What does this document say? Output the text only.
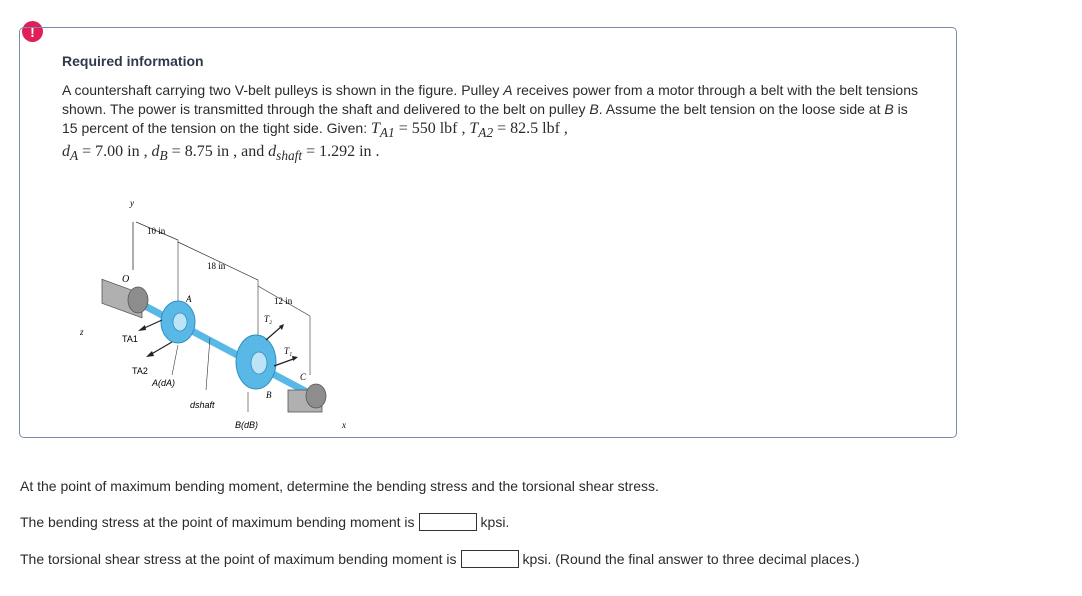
!
Required information
A countershaft carrying two V-belt pulleys is shown in the figure. Pulley A receives power from a motor through a belt with the belt tensions shown. The power is transmitted through the shaft and delivered to the belt on pulley B. Assume the belt tension on the loose side at B is 15 percent of the tension on the tight side. Given: $T_{A1} = 550$ lbf , $T_{A2} = 82.5$ lbf ,
$d_A = 7.00$ in , $d_B = 8.75$ in , and $d_{shaft} = 1.292$ in .
y
z
x
O
10 in
18 in
12 in
A
B
C
TA1
TA2
T₂
T₁
A(dA)
dshaft
B(dB)
At the point of maximum bending moment, determine the bending stress and the torsional shear stress.
The bending stress at the point of maximum bending moment is	kpsi.
The torsional shear stress at the point of maximum bending moment is	kpsi. (Round the final answer to three decimal places.)
